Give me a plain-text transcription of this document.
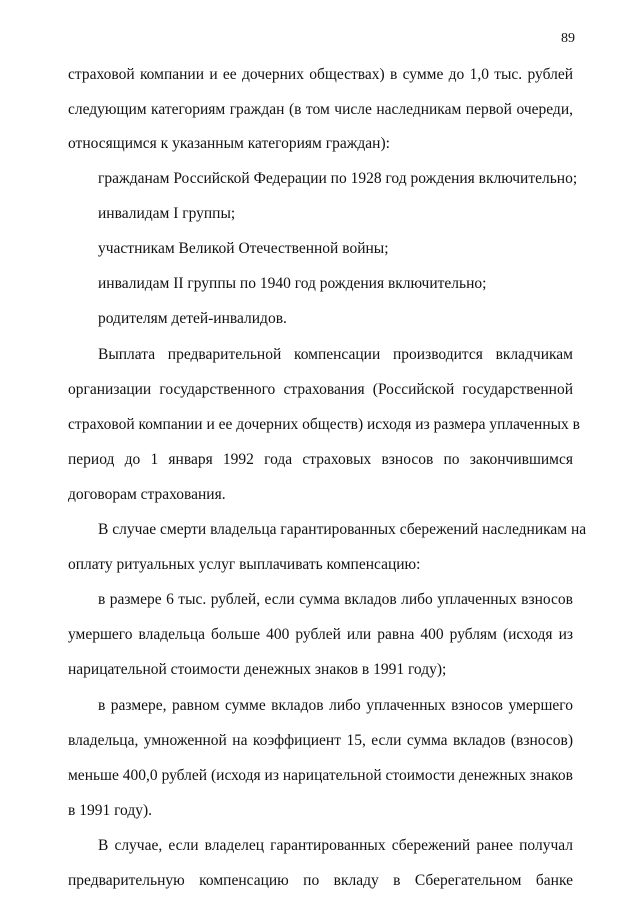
89
страховой компании и ее дочерних обществах) в сумме до 1,0 тыс. рублей
следующим категориям граждан (в том числе наследникам первой очереди,
относящимся к указанным категориям граждан):
гражданам Российской Федерации по 1928 год рождения включительно;
инвалидам I группы;
участникам Великой Отечественной войны;
инвалидам II группы по 1940 год рождения включительно;
родителям детей-инвалидов.
Выплата предварительной компенсации производится вкладчикам
организации государственного страхования (Российской государственной
страховой компании и ее дочерних обществ) исходя из размера уплаченных в
период до 1 января 1992 года страховых взносов по закончившимся
договорам страхования.
В случае смерти владельца гарантированных сбережений наследникам на
оплату ритуальных услуг выплачивать компенсацию:
в размере 6 тыс. рублей, если сумма вкладов либо уплаченных взносов
умершего владельца больше 400 рублей или равна 400 рублям (исходя из
нарицательной стоимости денежных знаков в 1991 году);
в размере, равном сумме вкладов либо уплаченных взносов умершего
владельца, умноженной на коэффициент 15, если сумма вкладов (взносов)
меньше 400,0 рублей (исходя из нарицательной стоимости денежных знаков
в 1991 году).
В случае, если владелец гарантированных сбережений ранее получал
предварительную компенсацию по вкладу в Сберегательном банке
